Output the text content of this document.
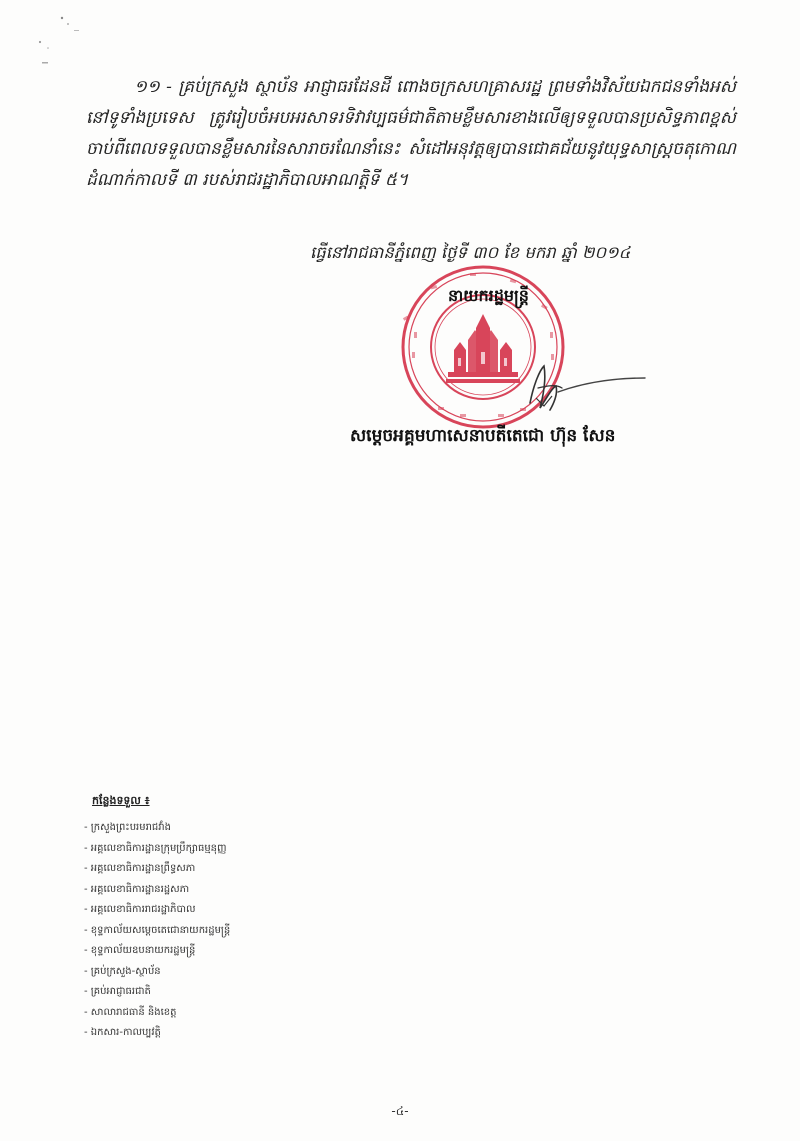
១១ - គ្រប់ក្រសួង ស្ថាប័ន អាជ្ញាធរដែនដី ពោងចក្រសហគ្រាសរដ្ឋ ព្រមទាំងវិស័យឯកជនទាំងអស់នៅទូទាំងប្រទេស ត្រូវរៀបចំអបអរសាទរទិវាវប្បធម៌ជាតិតាមខ្លឹមសារខាងលើឲ្យទទួលបានប្រសិទ្ធភាពខ្ពស់ ចាប់ពីពេលទទួលបានខ្លឹមសារនៃសារាចរណែនាំនេះ សំដៅអនុវត្តឲ្យបានជោគជ័យនូវយុទ្ធសាស្ត្រចតុកោណដំណាក់កាលទី ៣ របស់រាជរដ្ឋាភិបាលអាណត្តិទី ៥។

ធ្វើនៅរាជធានីភ្នំពេញ ថ្ងៃទី ៣០ ខែ មករា ឆ្នាំ ២០១៤
នាយករដ្ឋមន្ត្រី
សម្តេចអគ្គមហាសេនាបតីតេជោ ហ៊ុន សែន
កន្លែងទទួល ៖
- ក្រសួងព្រះបរមរាជវាំង
- អគ្គលេខាធិការដ្ឋានក្រុមប្រឹក្សាធម្មនុញ្ញ
- អគ្គលេខាធិការដ្ឋានព្រឹទ្ធសភា
- អគ្គលេខាធិការដ្ឋានរដ្ឋសភា
- អគ្គលេខាធិការរាជរដ្ឋាភិបាល
- ខុទ្ទកាល័យសម្តេចតេជោនាយករដ្ឋមន្ត្រី
- ខុទ្ទកាល័យឧបនាយករដ្ឋមន្ត្រី
- គ្រប់ក្រសួង-ស្ថាប័ន
- គ្រប់អាជ្ញាធរជាតិ
- សាលារាជធានី និងខេត្ត
- ឯកសារ-កាលប្បវត្តិ
-៤-
